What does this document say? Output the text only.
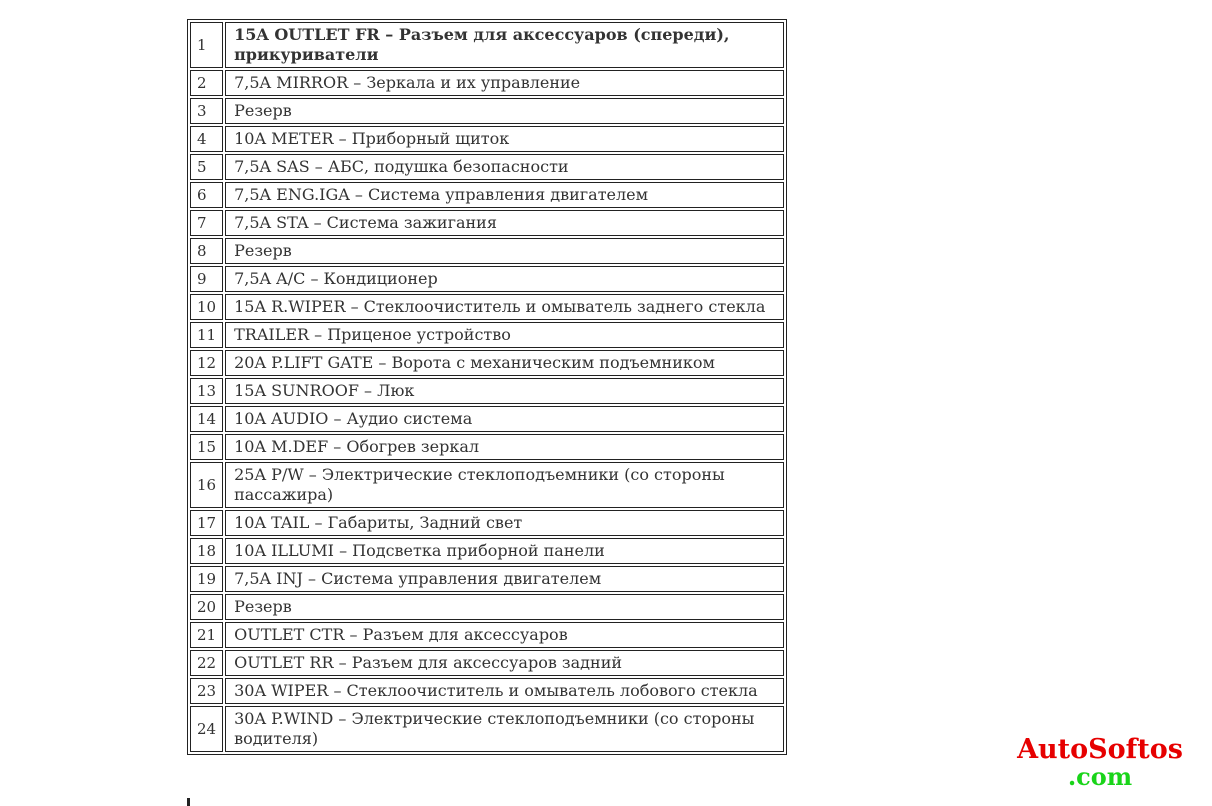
1	15A OUTLET FR – Разъем для аксессуаров (спереди), прикуриватели
2	7,5A MIRROR – Зеркала и их управление
3	Резерв
4	10A METER – Приборный щиток
5	7,5A SAS – АБС, подушка безопасности
6	7,5A ENG.IGA – Система управления двигателем
7	7,5A STA – Система зажигания
8	Резерв
9	7,5A A/C – Кондиционер
10	15A R.WIPER – Стеклоочиститель и омыватель заднего стекла
11	TRAILER – Приценое устройство
12	20A P.LIFT GATE – Ворота с механическим подъемником
13	15A SUNROOF – Люк
14	10A AUDIO – Аудио система
15	10A M.DEF – Обогрев зеркал
16	25A P/W – Электрические стеклоподъемники (со стороны пассажира)
17	10A TAIL – Габариты, Задний свет
18	10A ILLUMI – Подсветка приборной панели
19	7,5A INJ – Система управления двигателем
20	Резерв
21	OUTLET CTR – Разъем для аксессуаров
22	OUTLET RR – Разъем для аксессуаров задний
23	30A WIPER – Стеклоочиститель и омыватель лобового стекла
24	30A P.WIND – Электрические стеклоподъемники (со стороны водителя)	AutoSoftos
.com
